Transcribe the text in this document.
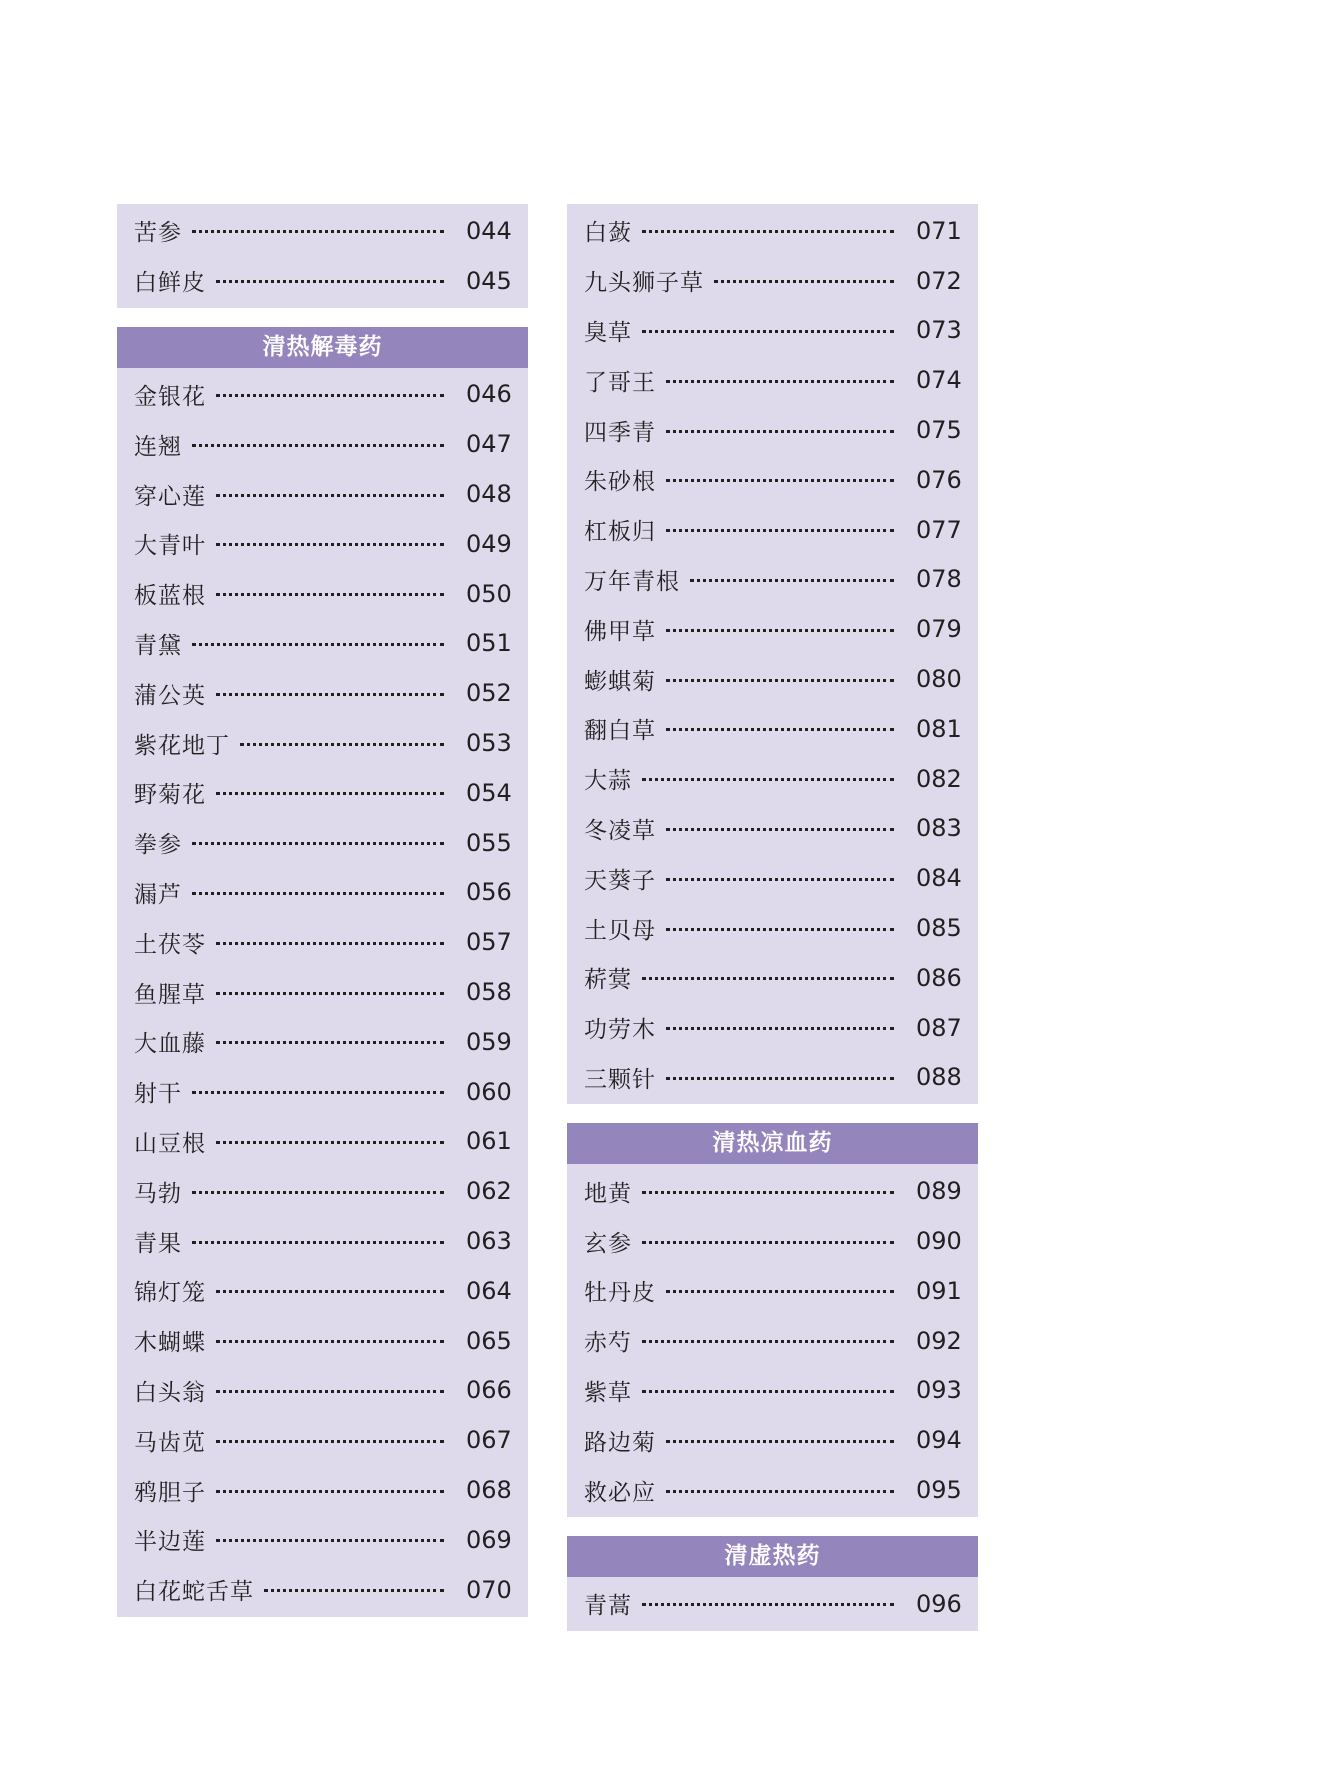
苦参	044
白鲜皮	045
清热解毒药
金银花	046
连翘	047
穿心莲	048
大青叶	049
板蓝根	050
青黛	051
蒲公英	052
紫花地丁	053
野菊花	054
拳参	055
漏芦	056
土茯苓	057
鱼腥草	058
大血藤	059
射干	060
山豆根	061
马勃	062
青果	063
锦灯笼	064
木蝴蝶	065
白头翁	066
马齿苋	067
鸦胆子	068
半边莲	069
白花蛇舌草	070
白蔹	071
九头狮子草	072
臭草	073
了哥王	074
四季青	075
朱砂根	076
杠板归	077
万年青根	078
佛甲草	079
蟛蜞菊	080
翻白草	081
大蒜	082
冬凌草	083
天葵子	084
土贝母	085
菥蓂	086
功劳木	087
三颗针	088
清热凉血药
地黄	089
玄参	090
牡丹皮	091
赤芍	092
紫草	093
路边菊	094
救必应	095
清虚热药
青蒿	096
